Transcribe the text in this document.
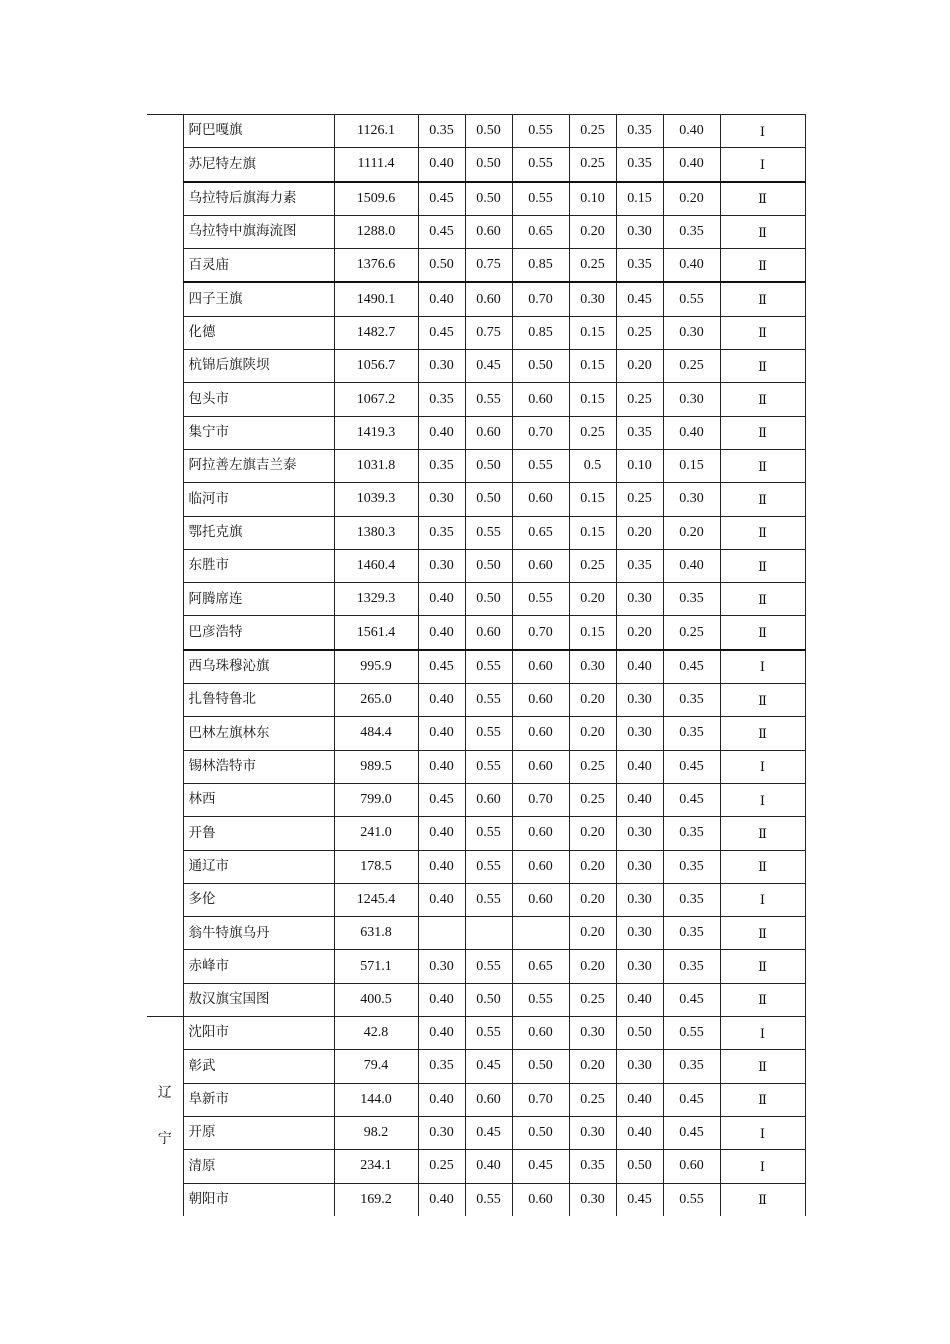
	阿巴嘎旗	1126.1	0.35	0.50	0.55	0.25	0.35	0.40	Ⅰ
	苏尼特左旗	1111.4	0.40	0.50	0.55	0.25	0.35	0.40	Ⅰ
	乌拉特后旗海力素	1509.6	0.45	0.50	0.55	0.10	0.15	0.20	Ⅱ
	乌拉特中旗海流图	1288.0	0.45	0.60	0.65	0.20	0.30	0.35	Ⅱ
	百灵庙	1376.6	0.50	0.75	0.85	0.25	0.35	0.40	Ⅱ
	四子王旗	1490.1	0.40	0.60	0.70	0.30	0.45	0.55	Ⅱ
	化德	1482.7	0.45	0.75	0.85	0.15	0.25	0.30	Ⅱ
	杭锦后旗陕坝	1056.7	0.30	0.45	0.50	0.15	0.20	0.25	Ⅱ
	包头市	1067.2	0.35	0.55	0.60	0.15	0.25	0.30	Ⅱ
	集宁市	1419.3	0.40	0.60	0.70	0.25	0.35	0.40	Ⅱ
	阿拉善左旗吉兰泰	1031.8	0.35	0.50	0.55	0.5	0.10	0.15	Ⅱ
	临河市	1039.3	0.30	0.50	0.60	0.15	0.25	0.30	Ⅱ
	鄂托克旗	1380.3	0.35	0.55	0.65	0.15	0.20	0.20	Ⅱ
	东胜市	1460.4	0.30	0.50	0.60	0.25	0.35	0.40	Ⅱ
	阿腾席连	1329.3	0.40	0.50	0.55	0.20	0.30	0.35	Ⅱ
	巴彦浩特	1561.4	0.40	0.60	0.70	0.15	0.20	0.25	Ⅱ
	西乌珠穆沁旗	995.9	0.45	0.55	0.60	0.30	0.40	0.45	Ⅰ
	扎鲁特鲁北	265.0	0.40	0.55	0.60	0.20	0.30	0.35	Ⅱ
	巴林左旗林东	484.4	0.40	0.55	0.60	0.20	0.30	0.35	Ⅱ
	锡林浩特市	989.5	0.40	0.55	0.60	0.25	0.40	0.45	Ⅰ
	林西	799.0	0.45	0.60	0.70	0.25	0.40	0.45	Ⅰ
	开鲁	241.0	0.40	0.55	0.60	0.20	0.30	0.35	Ⅱ
	通辽市	178.5	0.40	0.55	0.60	0.20	0.30	0.35	Ⅱ
	多伦	1245.4	0.40	0.55	0.60	0.20	0.30	0.35	Ⅰ
	翁牛特旗乌丹	631.8				0.20	0.30	0.35	Ⅱ
	赤峰市	571.1	0.30	0.55	0.65	0.20	0.30	0.35	Ⅱ
	敖汉旗宝国图	400.5	0.40	0.50	0.55	0.25	0.40	0.45	Ⅱ

辽
宁	沈阳市	42.8	0.40	0.55	0.60	0.30	0.50	0.55	Ⅰ
	彰武	79.4	0.35	0.45	0.50	0.20	0.30	0.35	Ⅱ
	阜新市	144.0	0.40	0.60	0.70	0.25	0.40	0.45	Ⅱ
	开原	98.2	0.30	0.45	0.50	0.30	0.40	0.45	Ⅰ
	清原	234.1	0.25	0.40	0.45	0.35	0.50	0.60	Ⅰ
	朝阳市	169.2	0.40	0.55	0.60	0.30	0.45	0.55	Ⅱ
